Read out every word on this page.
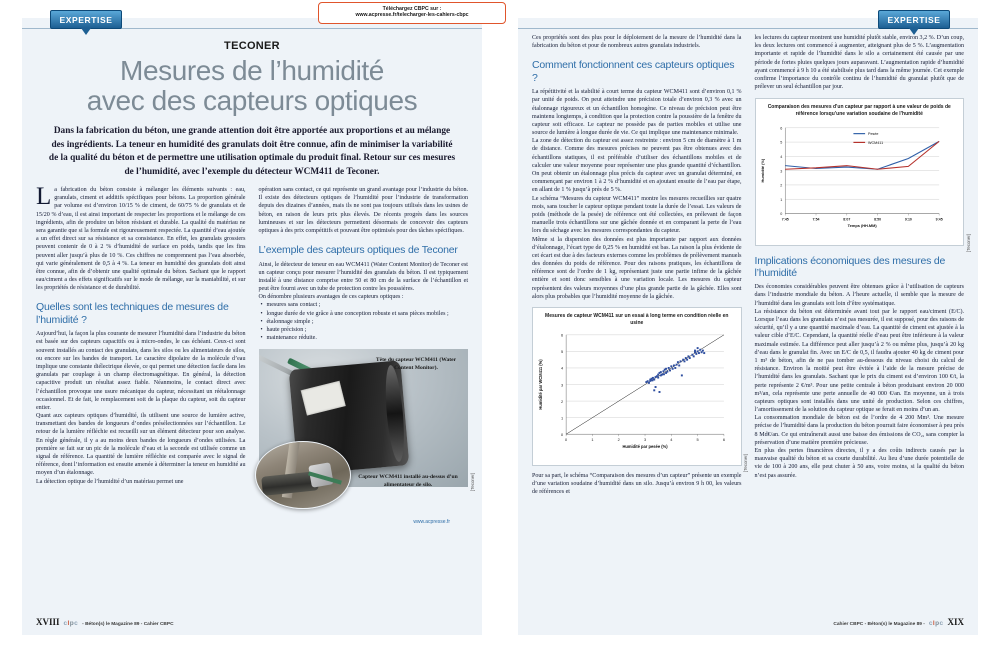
EXPERTISE
TECONER
Mesures de l’humidité
avec des capteurs optiques
Dans la fabrication du béton, une grande attention doit être apportée aux proportions et au mélange des ingrédients. La teneur en humidité des granulats doit être connue, afin de minimiser la variabilité de la qualité du béton et de permettre une utilisation optimale du produit final. Retour sur ces mesures de l’humidité, avec l’exemple du détecteur WCM411 de Teconer.

La fabrication du béton consiste à mélanger les éléments suivants : eau, granulats, ciment et additifs spécifiques pour bétons. La proportion générale par volume est d’environ 10/15 % de ciment, de 60/75 % de granulats et de 15/20 % d’eau, il est ainsi important de respecter les proportions et le mélange de ces ingrédients, afin de produire un béton résistant et durable. La qualité du matériau ne sera garantie que si la formule est rigoureusement respectée. La quantité d’eau ajoutée a un effet direct sur sa résistance et sa consistance. En effet, les granulats grossiers peuvent contenir de 0 à 2 % d’humidité de surface en poids, tandis que les fins peuvent aller jusqu’à plus de 10 %. Ces chiffres ne comprennent pas l’eau absorbée, qui varie généralement de 0,5 à 4 %. La teneur en humidité des granulats doit ainsi être connue, afin de d’obtenir une qualité optimale du béton. Sachant que le rapport eau/ciment a des effets significatifs sur le mode de mélange, sur la maniabilité, et sur les propriétés de résistance et de durabilité.

Quelles sont les techniques de mesures de l’humidité ?

Aujourd’hui, la façon la plus courante de mesurer l’humidité dans l’industrie du béton est basée sur des capteurs capacitifs ou à micro-ondes, le cas échéant. Ceux-ci sont souvent installés au contact des granulats, dans les silos ou les alimentateurs de silos, ou encore sur les bandes de transport. Le caractère dipolaire de la molécule d’eau implique une constante diélectrique élevée, ce qui permet une détection facile dans les granulats par couplage à un champ électromagnétique. En général, la détection capacitive produit un résultat assez fiable. Néanmoins, le contact direct avec l’échantillon provoque une usure mécanique du capteur, nécessitant un réétalonnage occasionnel. Et de fait, le remplacement soit de la plaque du capteur, soit du capteur entier.

Quant aux capteurs optiques d’humidité, ils utilisent une source de lumière active, transmettant des bandes de longueurs d’ondes présélectionnées sur l’échantillon. Le retour de la lumière réfléchie est recueilli sur un élément détecteur pour son analyse. En règle générale, il y a au moins deux bandes de longueurs d’ondes utilisées. La première se fait sur un pic de la molécule d’eau et la seconde est utilisée comme un signal de référence. La quantité de lumière réfléchie est comparée avec le signal de référence, dont l’information est ensuite amenée à déterminer la teneur en humidité au moyen d’un étalonnage.

La détection optique de l’humidité d’un matériau permet une

opération sans contact, ce qui représente un grand avantage pour l’industrie du béton. Il existe des détecteurs optiques de l’humidité pour l’industrie de transformation depuis des dizaines d’années, mais ils ne sont pas toujours utilisés dans les usines de béton, en raison de leurs prix plus élevés. De récents progrès dans les sources lumineuses et sur les détecteurs permettent désormais de concevoir des capteurs optiques à des prix compétitifs et pouvant être optimisés pour des tâches spécifiques.

L’exemple des capteurs optiques de Teconer

Ainsi, le détecteur de teneur en eau WCM411 (Water Content Monitor) de Teconer est un capteur conçu pour mesurer l’humidité des granulats du béton. Il est typiquement installé à une distance comprise entre 50 et 80 cm de la surface de l’échantillon et peut être fourni avec un tube de protection contre les poussières.

On dénombre plusieurs avantages de ces capteurs optiques :

• mesures sans contact ;
• longue durée de vie grâce à une conception robuste et sans pièces mobiles ;
• étalonnage simple ;
• haute précision ;
• maintenance réduite.
Tête du capteur WCM411 (Water Content Monitor).
Capteur WCM411 installé au-dessus d’un alimentateur de silo.	[Teconer]
www.acpresse.fr
XVIII clpc - Béton(s) le Magazine 89 - Cahier CBPC
EXPERTISE

Ces propriétés sont des plus pour le déploiement de la mesure de l’humidité dans la fabrication du béton et pour de nombreux autres granulats industriels.

Comment fonctionnent ces capteurs optiques ?

La répétitivité et la stabilité à court terme du capteur WCM411 sont d’environ 0,1 % par unité de poids. On peut atteindre une précision totale d’environ 0,3 % avec un étalonnage rigoureux et un échantillon homogène. Ce niveau de précision peut être maintenu longtemps, à condition que la protection contre la poussière de la fenêtre du capteur soit efficace. Le capteur ne possède pas de parties mobiles et utilise une source de lumière à longue durée de vie. Ce qui implique une maintenance minimale.

La zone de détection du capteur est assez restreinte : environ 5 cm de diamètre à 1 m de distance. Comme des mesures précises ne peuvent pas être obtenues avec des échantillons statiques, il est préférable d’utiliser des échantillons mobiles et de calculer une valeur moyenne pour représenter une plus grande quantité d’échantillon. On peut obtenir un étalonnage plus précis du capteur avec un granulat déterminé, en commençant par environ 1 à 2 % d’humidité et en ajoutant ensuite de l’eau par étape, en allant de 1 % jusqu’à près de 5 %.

Le schéma “Mesures du capteur WCM411” montre les mesures recueillies sur quatre mois, sans toucher le capteur optique pendant toute la durée de l’essai. Les valeurs de poids (méthode de la pesée) de référence ont été collectées, en prélevant de façon manuelle trois échantillons sur une gâchée donnée et en comparant la perte de l’eau lors du séchage avec les mesures correspondantes du capteur.

Même si la dispersion des données est plus importante par rapport aux données d’étalonnage, l’écart type de 0,25 % en humidité est bas. La raison la plus évidente de cet écart est due à des facteurs externes comme les problèmes de prélèvement manuels des données du poids de référence. Pour des raisons pratiques, les échantillons de référence sont de l’ordre de 1 kg, représentant juste une partie infime de la gâchée entière et sont donc sensibles à une variation locale. Les mesures du capteur représentent des valeurs moyennes d’une plus grande partie de la gâchée. Elles sont alors plus probables que l’humidité moyenne de la gâchée.

Mesures de capteur WCM411 sur un essai à long terme en condition réelle en usine
0
1
2
3
4
5
6
0	1	2	3	4	5	6
Humidité par pesée (%)
Humidité par WCM411 (%)
[Teconer]

Pour sa part, le schéma “Comparaison des mesures d’un capteur” présente un exemple d’une variation soudaine d’humidité dans un silo. Jusqu’à environ 9 h 00, les valeurs de références et

les lectures du capteur montrent une humidité plutôt stable, environ 3,2 %. D’un coup, les deux lectures ont commencé à augmenter, atteignant plus de 5 %. L’augmentation importante et rapide de l’humidité dans le silo a certainement été causée par une période de fortes pluies quelques jours auparavant. L’augmentation rapide d’humidité ayant commencé à 9 h 10 a été stabilisée plus tard dans la même journée. Cet exemple confirme l’importance du contrôle continu de l’humidité du granulat plutôt que de prélever un seul échantillon par jour.

Comparaison des mesures d’un capteur par rapport à une valeur de poids de référence lorsqu’une variation soudaine de l’humidité
0
1
2
3
4
5
6
7:45	7:54	8:07	8:50	9:10	9:45
Pesée
WCM411
Temps (HH.MM)
Humidité (%)
[Teconer]
Implications économiques des mesures de l’humidité

Des économies considérables peuvent être obtenues grâce à l’utilisation de capteurs dans l’industrie mondiale du béton. A l’heure actuelle, il semble que la mesure de l’humidité dans les granulats soit loin d’être systématique.

La résistance du béton est déterminée avant tout par le rapport eau/ciment (E/C). Lorsque l’eau dans les granulats n’est pas mesurée, il est supposé, pour des raisons de sécurité, qu’il y a une quantité maximale d’eau. La quantité de ciment est ajustée à la valeur cible d’E/C. Cependant, la quantité réelle d’eau peut être inférieure à la valeur maximale estimée. La différence peut aller jusqu’à 2 % ou même plus, jusqu’à 20 kg d’eau dans le granulat fin. Avec un E/C de 0,5, il faudra ajouter 40 kg de ciment pour 1 m³ de béton, afin de ne pas tomber au-dessous du niveau choisi du calcul de résistance. Environ la moitié peut être évitée à l’aide de la mesure précise de l’humidité dans les granulats. Sachant que le prix du ciment est d’environ 100 €/t, la perte représente 2 €/m³. Pour une petite centrale à béton produisant environ 20 000 m³/an, cela représente une perte annuelle de 40 000 €/an. En moyenne, un à trois capteurs optiques sont installés dans une unité de production. Selon ces chiffres, l’amortissement de la solution du capteur optique se ferait en moins d’un an.

La consommation mondiale de béton est de l’ordre de 4 200 Mm³. Une mesure précise de l’humidité dans la production du béton pourrait faire économiser à peu près 8 Md€/an. Ce qui entraînerait aussi une baisse des émissions de CO₂, sans compter la préservation d’une matière première précieuse.

En plus des pertes financières directes, il y a des coûts indirects causés par la mauvaise qualité du béton et sa courte durabilité. Au lieu d’une durée potentielle de vie de 100 à 200 ans, elle peut chuter à 50 ans, voire moins, si la qualité du béton n’est pas assurée.

Cahier CBPC - Béton(s) le Magazine 89 - clpc XIX
Téléchargez CBPC sur :
www.acpresse.fr/telecharger-les-cahiers-cbpc
